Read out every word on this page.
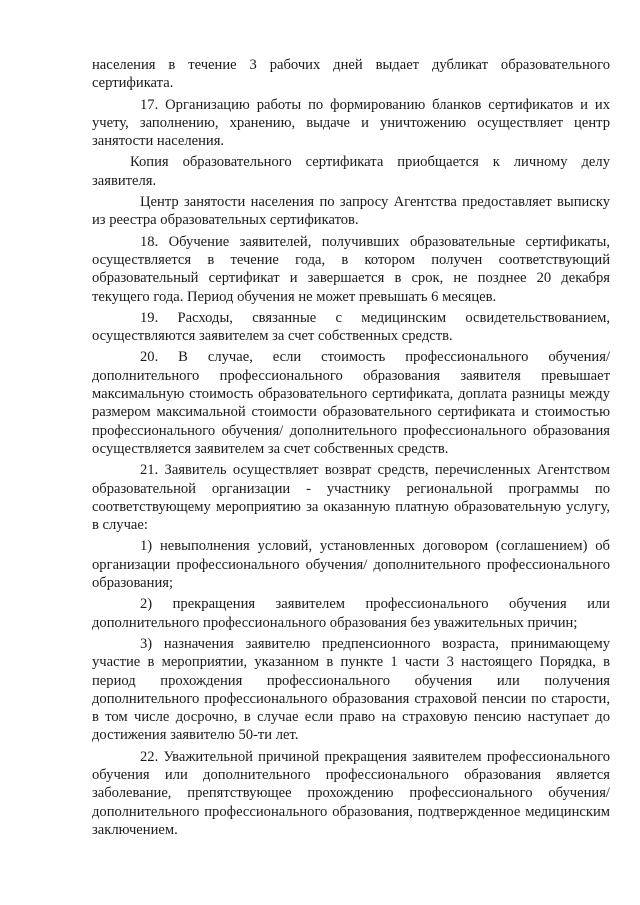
населения в течение 3 рабочих дней выдает дубликат образовательного сертификата.

17. Организацию работы по формированию бланков сертификатов и их учету, заполнению, хранению, выдаче и уничтожению осуществляет центр занятости населения.

Копия образовательного сертификата приобщается к личному делу заявителя.

Центр занятости населения по запросу Агентства предоставляет выписку из реестра образовательных сертификатов.

18. Обучение заявителей, получивших образовательные сертификаты, осуществляется в течение года, в котором получен соответствующий образовательный сертификат и завершается в срок, не позднее 20 декабря текущего года. Период обучения не может превышать 6 месяцев.

19. Расходы, связанные с медицинским освидетельствованием, осуществляются заявителем за счет собственных средств.

20. В случае, если стоимость профессионального обучения/ дополнительного профессионального образования заявителя превышает максимальную стоимость образовательного сертификата, доплата разницы между размером максимальной стоимости образовательного сертификата и стоимостью профессионального обучения/ дополнительного профессионального образования осуществляется заявителем за счет собственных средств.

21. Заявитель осуществляет возврат средств, перечисленных Агентством образовательной организации - участнику региональной программы по соответствующему мероприятию за оказанную платную образовательную услугу, в случае:

1) невыполнения условий, установленных договором (соглашением) об организации профессионального обучения/ дополнительного профессионального образования;

2) прекращения заявителем профессионального обучения или дополнительного профессионального образования без уважительных причин;

3) назначения заявителю предпенсионного возраста, принимающему участие в мероприятии, указанном в пункте 1 части 3 настоящего Порядка, в период прохождения профессионального обучения или получения дополнительного профессионального образования страховой пенсии по старости, в том числе досрочно, в случае если право на страховую пенсию наступает до достижения заявителю 50-ти лет.

22. Уважительной причиной прекращения заявителем профессионального обучения или дополнительного профессионального образования является заболевание, препятствующее прохождению профессионального обучения/ дополнительного профессионального образования, подтвержденное медицинским заключением.
